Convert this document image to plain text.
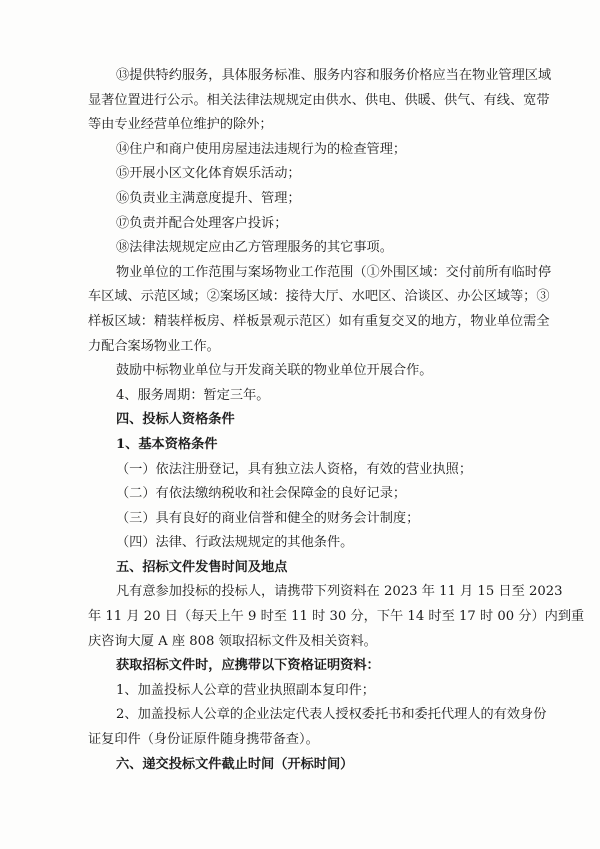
⑬提供特约服务，具体服务标准、服务内容和服务价格应当在物业管理区域
显著位置进行公示。相关法律法规规定由供水、供电、供暖、供气、有线、宽带
等由专业经营单位维护的除外；
⑭住户和商户使用房屋违法违规行为的检查管理；
⑮开展小区文化体育娱乐活动；
⑯负责业主满意度提升、管理；
⑰负责并配合处理客户投诉；
⑱法律法规规定应由乙方管理服务的其它事项。
物业单位的工作范围与案场物业工作范围（①外围区域：交付前所有临时停
车区域、示范区域；②案场区域：接待大厅、水吧区、洽谈区、办公区域等；③
样板区域：精装样板房、样板景观示范区）如有重复交叉的地方，物业单位需全
力配合案场物业工作。
鼓励中标物业单位与开发商关联的物业单位开展合作。
4、服务周期：暂定三年。
四、投标人资格条件
1、基本资格条件
（一）依法注册登记，具有独立法人资格，有效的营业执照；
（二）有依法缴纳税收和社会保障金的良好记录；
（三）具有良好的商业信誉和健全的财务会计制度；
（四）法律、行政法规规定的其他条件。
五、招标文件发售时间及地点
凡有意参加投标的投标人，请携带下列资料在 2023 年 11 月 15 日至 2023
年 11 月 20 日（每天上午 9 时至 11 时 30 分，下午 14 时至 17 时 00 分）内到重
庆咨询大厦 A 座 808 领取招标文件及相关资料。
获取招标文件时，应携带以下资格证明资料：
1、加盖投标人公章的营业执照副本复印件；
2、加盖投标人公章的企业法定代表人授权委托书和委托代理人的有效身份
证复印件（身份证原件随身携带备查）。
六、递交投标文件截止时间（开标时间）
